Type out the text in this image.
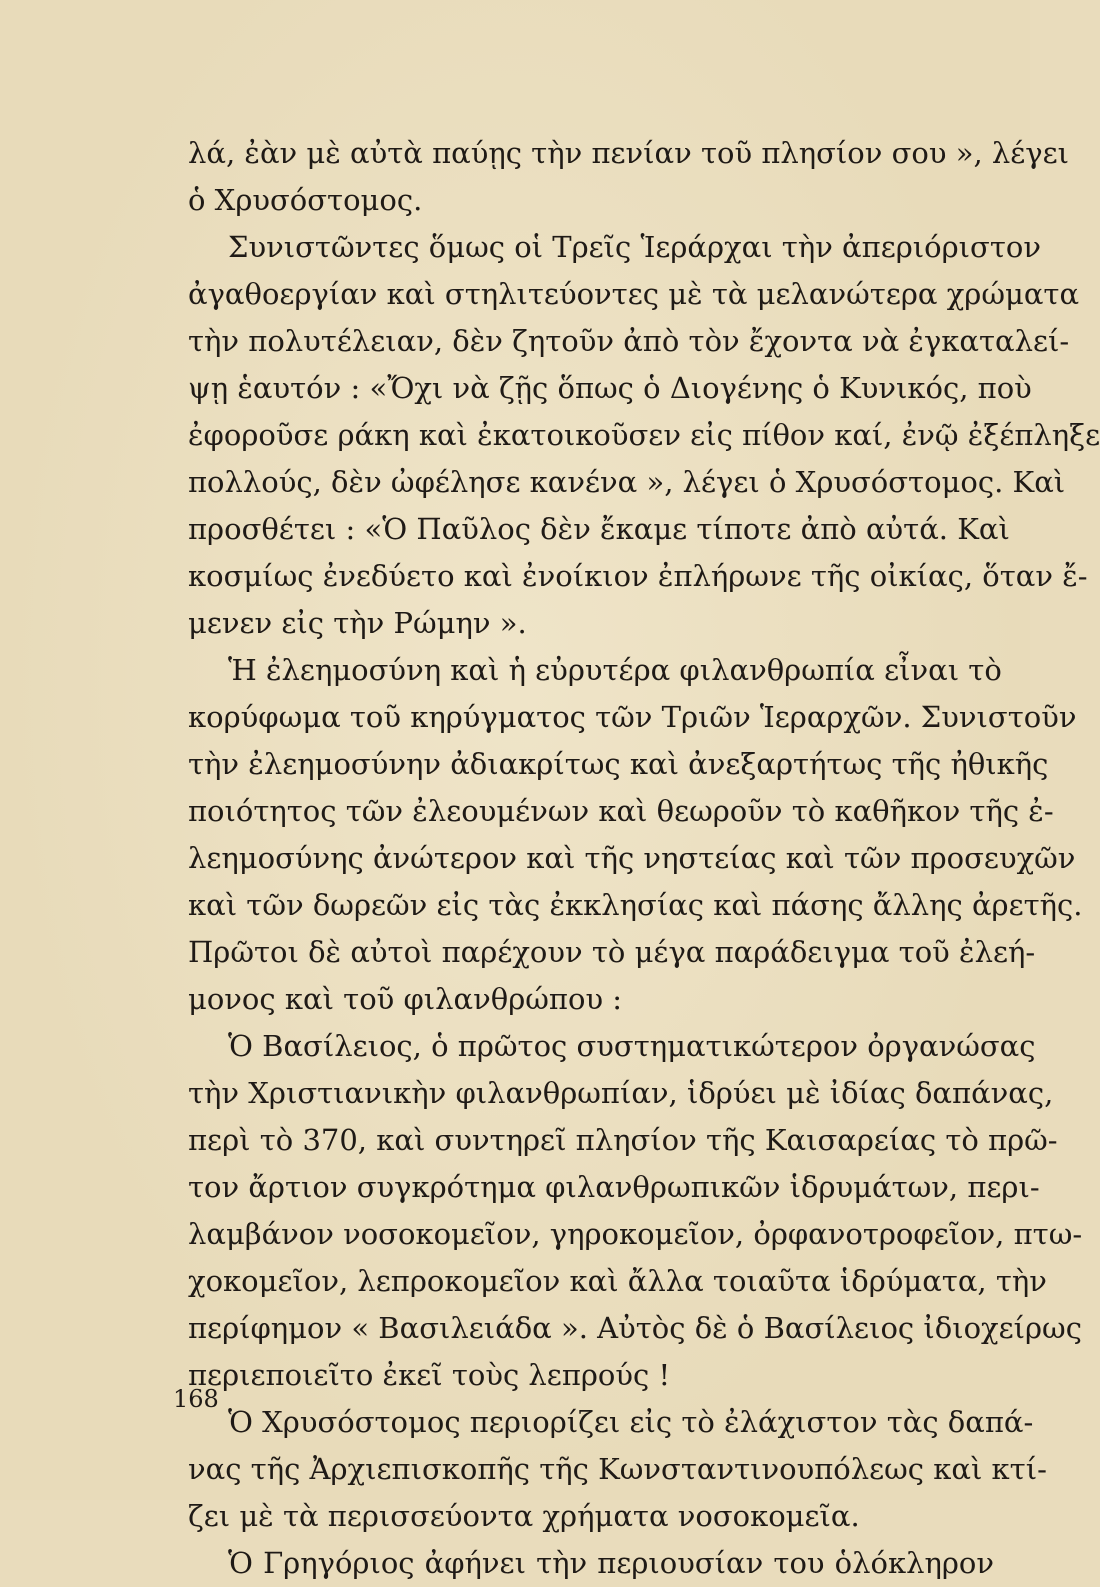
λά, ἐὰν μὲ αὐτὰ παύῃς τὴν πενίαν τοῦ πλησίον σου », λέγει
ὁ Χρυσόστομος.
Συνιστῶντες ὅμως οἱ Τρεῖς Ἱεράρχαι τὴν ἀπεριόριστον
ἀγαθοεργίαν καὶ στηλιτεύοντες μὲ τὰ μελανώτερα χρώματα
τὴν πολυτέλειαν, δὲν ζητοῦν ἀπὸ τὸν ἔχοντα νὰ ἐγκαταλεί-
ψῃ ἑαυτόν : «Ὄχι νὰ ζῇς ὅπως ὁ Διογένης ὁ Κυνικός, ποὺ
ἐφοροῦσε ράκη καὶ ἐκατοικοῦσεν εἰς πίθον καί, ἐνῷ ἐξέπληξε
πολλούς, δὲν ὠφέλησε κανένα », λέγει ὁ Χρυσόστομος. Καὶ
προσθέτει : «Ὁ Παῦλος δὲν ἔκαμε τίποτε ἀπὸ αὐτά. Καὶ
κοσμίως ἐνεδύετο καὶ ἐνοίκιον ἐπλήρωνε τῆς οἰκίας, ὅταν ἔ-
μενεν εἰς τὴν Ρώμην ».
Ἡ ἐλεημοσύνη καὶ ἡ εὐρυτέρα φιλανθρωπία εἶναι τὸ
κορύφωμα τοῦ κηρύγματος τῶν Τριῶν Ἱεραρχῶν. Συνιστοῦν
τὴν ἐλεημοσύνην ἀδιακρίτως καὶ ἀνεξαρτήτως τῆς ἠθικῆς
ποιότητος τῶν ἐλεουμένων καὶ θεωροῦν τὸ καθῆκον τῆς ἐ-
λεημοσύνης ἀνώτερον καὶ τῆς νηστείας καὶ τῶν προσευχῶν
καὶ τῶν δωρεῶν εἰς τὰς ἐκκλησίας καὶ πάσης ἄλλης ἀρετῆς.
Πρῶτοι δὲ αὐτοὶ παρέχουν τὸ μέγα παράδειγμα τοῦ ἐλεή-
μονος καὶ τοῦ φιλανθρώπου :
Ὁ Βασίλειος, ὁ πρῶτος συστηματικώτερον ὀργανώσας
τὴν Χριστιανικὴν φιλανθρωπίαν, ἱδρύει μὲ ἰδίας δαπάνας,
περὶ τὸ 370, καὶ συντηρεῖ πλησίον τῆς Καισαρείας τὸ πρῶ-
τον ἄρτιον συγκρότημα φιλανθρωπικῶν ἱδρυμάτων, περι-
λαμβάνον νοσοκομεῖον, γηροκομεῖον, ὀρφανοτροφεῖον, πτω-
χοκομεῖον, λεπροκομεῖον καὶ ἄλλα τοιαῦτα ἱδρύματα, τὴν
περίφημον « Βασιλειάδα ». Αὐτὸς δὲ ὁ Βασίλειος ἰδιοχείρως
περιεποιεῖτο ἐκεῖ τοὺς λεπρούς !
Ὁ Χρυσόστομος περιορίζει εἰς τὸ ἐλάχιστον τὰς δαπά-
νας τῆς Ἀρχιεπισκοπῆς τῆς Κωνσταντινουπόλεως καὶ κτί-
ζει μὲ τὰ περισσεύοντα χρήματα νοσοκομεῖα.
Ὁ Γρηγόριος ἀφήνει τὴν περιουσίαν του ὁλόκληρον
168
